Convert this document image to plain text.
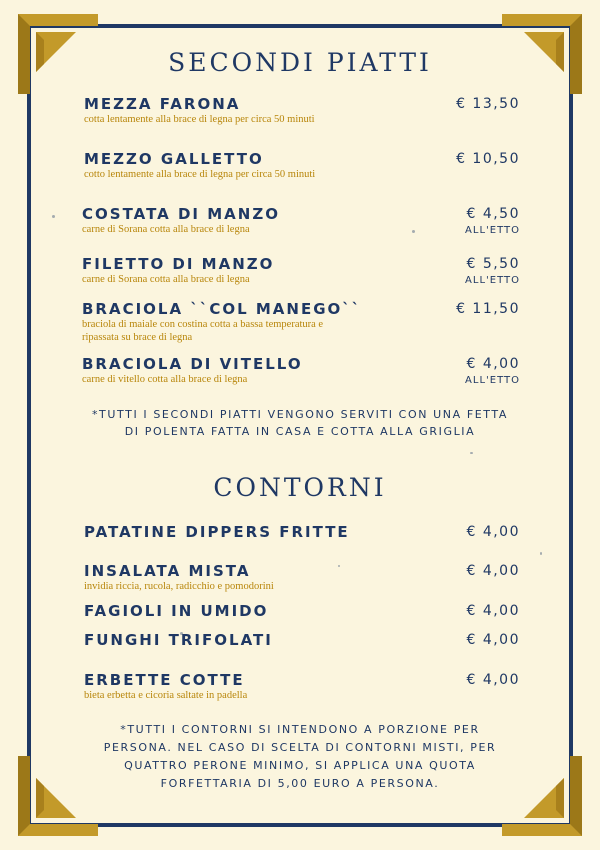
SECONDI PIATTI
MEZZA FARONA
cotta lentamente alla brace di legna per circa 50 minuti
€ 13,50
MEZZO GALLETTO
cotto lentamente alla brace di legna per circa 50 minuti
€ 10,50
COSTATA DI MANZO
carne di Sorana cotta alla brace di legna
€ 4,50
ALL'ETTO
FILETTO DI MANZO
carne di Sorana cotta alla brace di legna
€ 5,50
ALL'ETTO
BRACIOLA ``COL MANEGO``
braciola di maiale con costina cotta a bassa temperatura e ripassata su brace di legna
€ 11,50
BRACIOLA DI VITELLO
carne di vitello cotta alla brace di legna
€ 4,00
ALL'ETTO
*TUTTI I SECONDI PIATTI VENGONO SERVITI CON UNA FETTA DI POLENTA FATTA IN CASA E COTTA ALLA GRIGLIA
CONTORNI
PATATINE DIPPERS FRITTE	€ 4,00
INSALATA MISTA
invidia riccia, rucola, radicchio e pomodorini
€ 4,00
FAGIOLI IN UMIDO	€ 4,00
FUNGHI TRIFOLATI	€ 4,00
ERBETTE COTTE
bieta erbetta e cicoria saltate in padella
€ 4,00
*TUTTI I CONTORNI SI INTENDONO A PORZIONE PER PERSONA. NEL CASO DI SCELTA DI CONTORNI MISTI, PER QUATTRO PERONE MINIMO, SI APPLICA UNA QUOTA FORFETTARIA DI 5,00 EURO A PERSONA.
